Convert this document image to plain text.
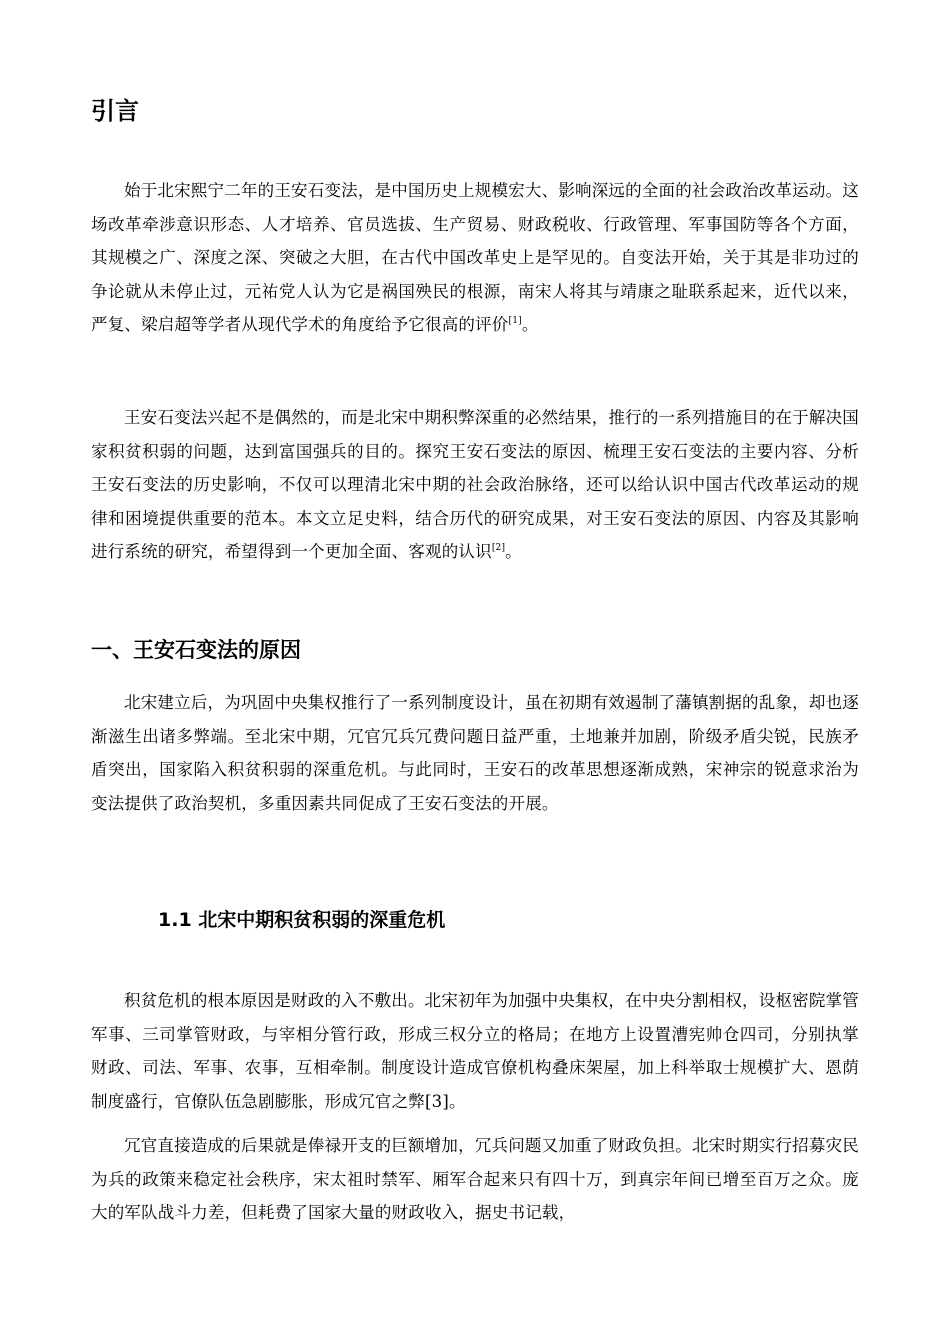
引言

始于北宋熙宁二年的王安石变法，是中国历史上规模宏大、影响深远的全面的社会政治改革运动。这场改革牵涉意识形态、人才培养、官员选拔、生产贸易、财政税收、行政管理、军事国防等各个方面，其规模之广、深度之深、突破之大胆，在古代中国改革史上是罕见的。自变法开始，关于其是非功过的争论就从未停止过，元祐党人认为它是祸国殃民的根源，南宋人将其与靖康之耻联系起来，近代以来，严复、梁启超等学者从现代学术的角度给予它很高的评价[1]。

王安石变法兴起不是偶然的，而是北宋中期积弊深重的必然结果，推行的一系列措施目的在于解决国家积贫积弱的问题，达到富国强兵的目的。探究王安石变法的原因、梳理王安石变法的主要内容、分析王安石变法的历史影响，不仅可以理清北宋中期的社会政治脉络，还可以给认识中国古代改革运动的规律和困境提供重要的范本。本文立足史料，结合历代的研究成果，对王安石变法的原因、内容及其影响进行系统的研究，希望得到一个更加全面、客观的认识[2]。

一、王安石变法的原因

北宋建立后，为巩固中央集权推行了一系列制度设计，虽在初期有效遏制了藩镇割据的乱象，却也逐渐滋生出诸多弊端。至北宋中期，冗官冗兵冗费问题日益严重，土地兼并加剧，阶级矛盾尖锐，民族矛盾突出，国家陷入积贫积弱的深重危机。与此同时，王安石的改革思想逐渐成熟，宋神宗的锐意求治为变法提供了政治契机，多重因素共同促成了王安石变法的开展。

1.1 北宋中期积贫积弱的深重危机

积贫危机的根本原因是财政的入不敷出。北宋初年为加强中央集权，在中央分割相权，设枢密院掌管军事、三司掌管财政，与宰相分管行政，形成三权分立的格局；在地方上设置漕宪帅仓四司，分别执掌财政、司法、军事、农事，互相牵制。制度设计造成官僚机构叠床架屋，加上科举取士规模扩大、恩荫制度盛行，官僚队伍急剧膨胀，形成冗官之弊[3]。

冗官直接造成的后果就是俸禄开支的巨额增加，冗兵问题又加重了财政负担。北宋时期实行招募灾民为兵的政策来稳定社会秩序，宋太祖时禁军、厢军合起来只有四十万，到真宗年间已增至百万之众。庞大的军队战斗力差，但耗费了国家大量的财政收入，据史书记载，
